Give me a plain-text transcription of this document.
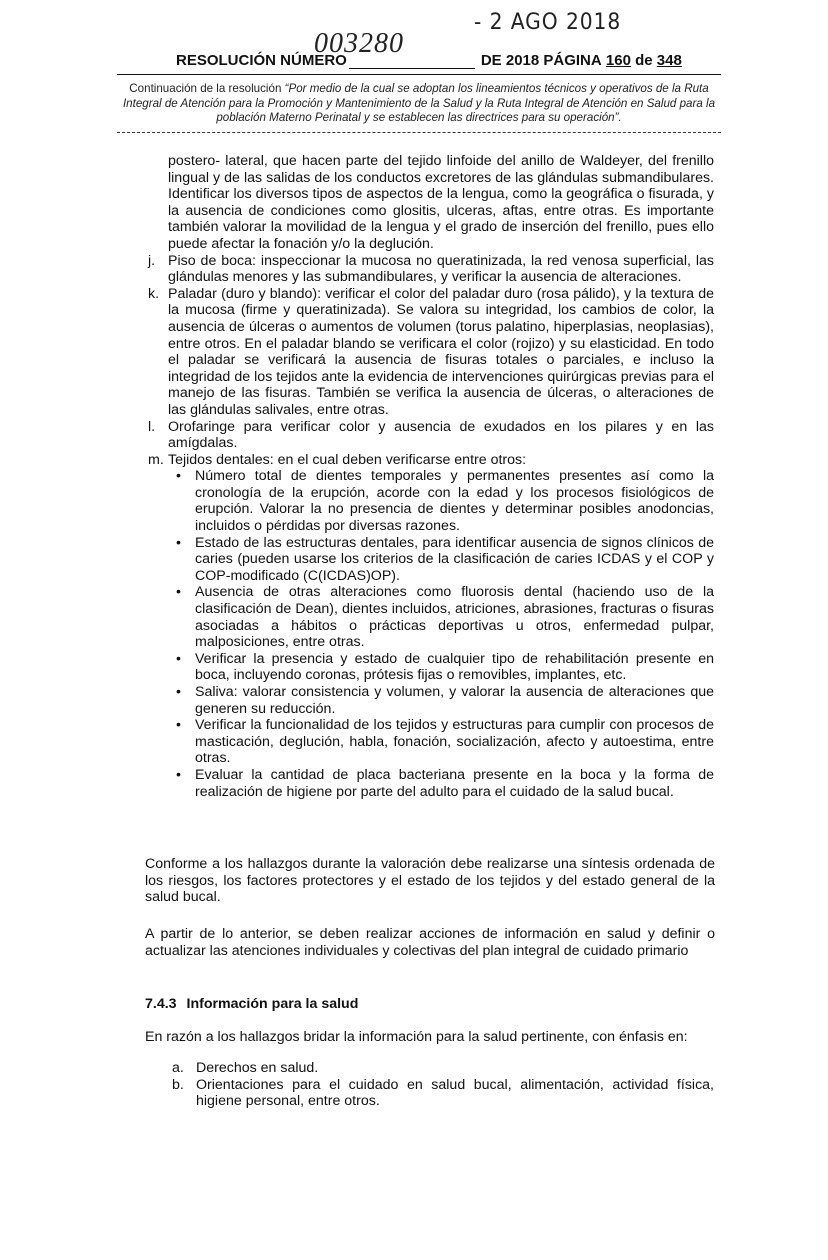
- 2 AGO 2018
003280
RESOLUCIÓN NÚMERO	DE 2018 PÁGINA
160
de
348
Continuación de la resolución “Por medio de la cual se adoptan los lineamientos técnicos y operativos de la Ruta Integral de Atención para la Promoción y Mantenimiento de la Salud y la Ruta Integral de Atención en Salud para la población Materno Perinatal y se establecen las directrices para su operación”.

postero- lateral, que hacen parte del tejido linfoide del anillo de Waldeyer, del frenillo lingual y de las salidas de los conductos excretores de las glándulas submandibulares. Identificar los diversos tipos de aspectos de la lengua, como la geográfica o fisurada, y la ausencia de condiciones como glositis, ulceras, aftas, entre otras. Es importante también valorar la movilidad de la lengua y el grado de inserción del frenillo, pues ello puede afectar la fonación y/o la deglución.

j. Piso de boca: inspeccionar la mucosa no queratinizada, la red venosa superficial, las glándulas menores y las submandibulares, y verificar la ausencia de alteraciones.
k. Paladar (duro y blando): verificar el color del paladar duro (rosa pálido), y la textura de la mucosa (firme y queratinizada). Se valora su integridad, los cambios de color, la ausencia de úlceras o aumentos de volumen (torus palatino, hiperplasias, neoplasias), entre otros. En el paladar blando se verificara el color (rojizo) y su elasticidad. En todo el paladar se verificará la ausencia de fisuras totales o parciales, e incluso la integridad de los tejidos ante la evidencia de intervenciones quirúrgicas previas para el manejo de las fisuras. También se verifica la ausencia de úlceras, o alteraciones de las glándulas salivales, entre otras.
l. Orofaringe para verificar color y ausencia de exudados en los pilares y en las amígdalas.
m. Tejidos dentales: en el cual deben verificarse entre otros:
• Número total de dientes temporales y permanentes presentes así como la cronología de la erupción, acorde con la edad y los procesos fisiológicos de erupción. Valorar la no presencia de dientes y determinar posibles anodoncias, incluidos o pérdidas por diversas razones.
• Estado de las estructuras dentales, para identificar ausencia de signos clínicos de caries (pueden usarse los criterios de la clasificación de caries ICDAS y el COP y COP-modificado (C(ICDAS)OP).
• Ausencia de otras alteraciones como fluorosis dental (haciendo uso de la clasificación de Dean), dientes incluidos, atriciones, abrasiones, fracturas o fisuras asociadas a hábitos o prácticas deportivas u otros, enfermedad pulpar, malposiciones, entre otras.
• Verificar la presencia y estado de cualquier tipo de rehabilitación presente en boca, incluyendo coronas, prótesis fijas o removibles, implantes, etc.
• Saliva: valorar consistencia y volumen, y valorar la ausencia de alteraciones que generen su reducción.
• Verificar la funcionalidad de los tejidos y estructuras para cumplir con procesos de masticación, deglución, habla, fonación, socialización, afecto y autoestima, entre otras.
• Evaluar la cantidad de placa bacteriana presente en la boca y la forma de realización de higiene por parte del adulto para el cuidado de la salud bucal.
Conforme a los hallazgos durante la valoración debe realizarse una síntesis ordenada de los riesgos, los factores protectores y el estado de los tejidos y del estado general de la salud bucal.
A partir de lo anterior, se deben realizar acciones de información en salud y definir o actualizar las atenciones individuales y colectivas del plan integral de cuidado primario
7.4.3 Información para la salud
En razón a los hallazgos bridar la información para la salud pertinente, con énfasis en:
a. Derechos en salud.
b. Orientaciones para el cuidado en salud bucal, alimentación, actividad física, higiene personal, entre otros.
